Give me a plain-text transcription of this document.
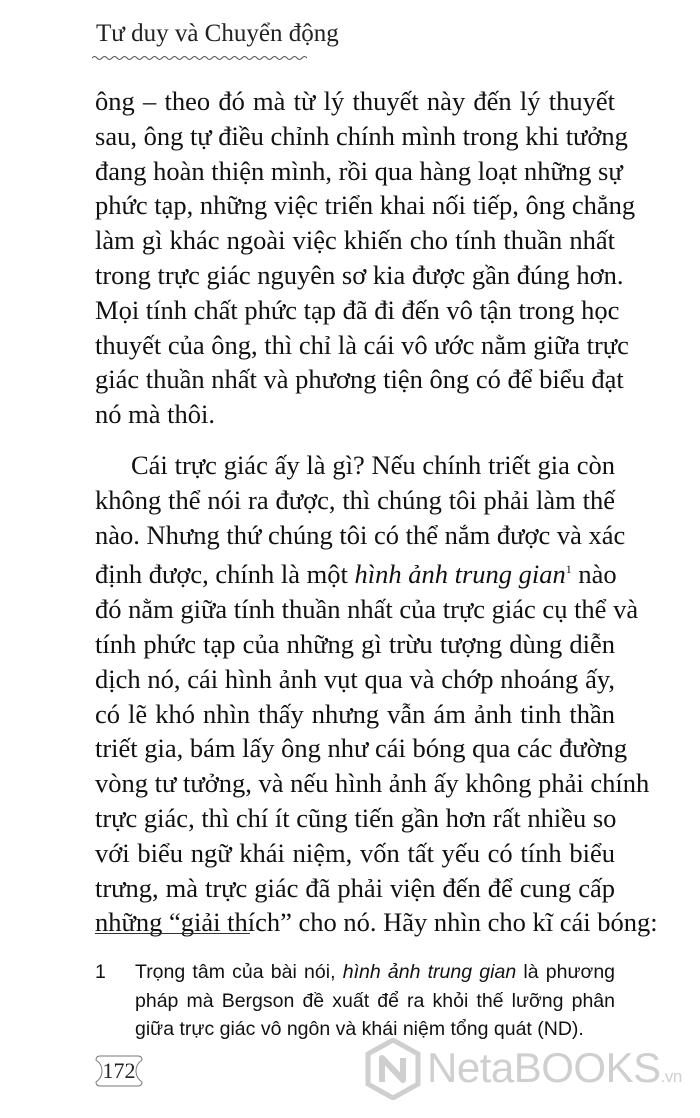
Tư duy và Chuyển động
ông – theo đó mà từ lý thuyết này đến lý thuyết
sau, ông tự điều chỉnh chính mình trong khi tưởng
đang hoàn thiện mình, rồi qua hàng loạt những sự
phức tạp, những việc triển khai nối tiếp, ông chẳng
làm gì khác ngoài việc khiến cho tính thuần nhất
trong trực giác nguyên sơ kia được gần đúng hơn.
Mọi tính chất phức tạp đã đi đến vô tận trong học
thuyết của ông, thì chỉ là cái vô ước nằm giữa trực
giác thuần nhất và phương tiện ông có để biểu đạt
nó mà thôi.
Cái trực giác ấy là gì? Nếu chính triết gia còn
không thể nói ra được, thì chúng tôi phải làm thế
nào. Nhưng thứ chúng tôi có thể nắm được và xác
định được, chính là một hình ảnh trung gian$^1$ nào
đó nằm giữa tính thuần nhất của trực giác cụ thể và
tính phức tạp của những gì trừu tượng dùng diễn
dịch nó, cái hình ảnh vụt qua và chớp nhoáng ấy,
có lẽ khó nhìn thấy nhưng vẫn ám ảnh tinh thần
triết gia, bám lấy ông như cái bóng qua các đường
vòng tư tưởng, và nếu hình ảnh ấy không phải chính
trực giác, thì chí ít cũng tiến gần hơn rất nhiều so
với biểu ngữ khái niệm, vốn tất yếu có tính biểu
trưng, mà trực giác đã phải viện đến để cung cấp
những “giải thích” cho nó. Hãy nhìn cho kĩ cái bóng:
1 Trọng tâm của bài nói, hình ảnh trung gian là phương
pháp mà Bergson đề xuất để ra khỏi thế lưỡng phân
giữa trực giác vô ngôn và khái niệm tổng quát (ND).
172	NetaBOOKS.vn
